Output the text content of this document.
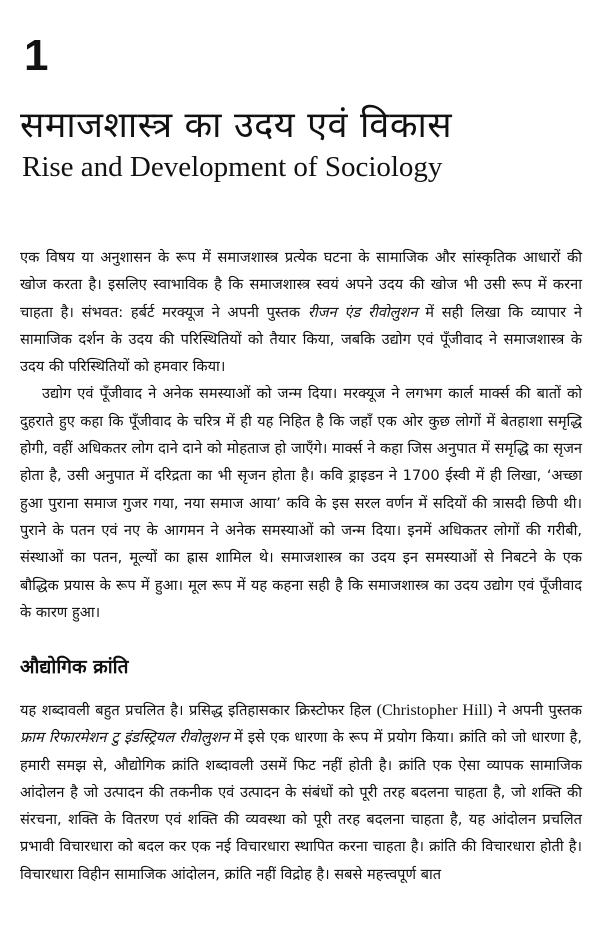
1
समाजशास्त्र का उदय एवं विकास
Rise and Development of Sociology

एक विषय या अनुशासन के रूप में समाजशास्त्र प्रत्येक घटना के सामाजिक और सांस्कृतिक आधारों की खोज करता है। इसलिए स्वाभाविक है कि समाजशास्त्र स्वयं अपने उदय की खोज भी उसी रूप में करना चाहता है। संभवत: हर्बर्ट मरक्यूज ने अपनी पुस्तक रीजन एंड रीवोलुशन में सही लिखा कि व्यापार ने सामाजिक दर्शन के उदय की परिस्थितियों को तैयार किया, जबकि उद्योग एवं पूँजीवाद ने समाजशास्त्र के उदय की परिस्थितियों को हमवार किया।

उद्योग एवं पूँजीवाद ने अनेक समस्याओं को जन्म दिया। मरक्यूज ने लगभग कार्ल मार्क्स की बातों को दुहराते हुए कहा कि पूँजीवाद के चरित्र में ही यह निहित है कि जहाँ एक ओर कुछ लोगों में बेतहाशा समृद्धि होगी, वहीं अधिकतर लोग दाने दाने को मोहताज हो जाएँगे। मार्क्स ने कहा जिस अनुपात में समृद्धि का सृजन होता है, उसी अनुपात में दरिद्रता का भी सृजन होता है। कवि ड्राइडन ने 1700 ईस्वी में ही लिखा, ‘अच्छा हुआ पुराना समाज गुजर गया, नया समाज आया’ कवि के इस सरल वर्णन में सदियों की त्रासदी छिपी थी। पुराने के पतन एवं नए के आगमन ने अनेक समस्याओं को जन्म दिया। इनमें अधिकतर लोगों की गरीबी, संस्थाओं का पतन, मूल्यों का ह्रास शामिल थे। समाजशास्त्र का उदय इन समस्याओं से निबटने के एक बौद्धिक प्रयास के रूप में हुआ। मूल रूप में यह कहना सही है कि समाजशास्त्र का उदय उद्योग एवं पूँजीवाद के कारण हुआ।

औद्योगिक क्रांति

यह शब्दावली बहुत प्रचलित है। प्रसिद्ध इतिहासकार क्रिस्टोफर हिल (Christopher Hill) ने अपनी पुस्तक फ्राम रिफारमेशन टु इंडस्ट्रियल रीवोलुशन में इसे एक धारणा के रूप में प्रयोग किया। क्रांति को जो धारणा है, हमारी समझ से, औद्योगिक क्रांति शब्दावली उसमें फिट नहीं होती है। क्रांति एक ऐसा व्यापक सामाजिक आंदोलन है जो उत्पादन की तकनीक एवं उत्पादन के संबंधों को पूरी तरह बदलना चाहता है, जो शक्ति की संरचना, शक्ति के वितरण एवं शक्ति की व्यवस्था को पूरी तरह बदलना चाहता है, यह आंदोलन प्रचलित प्रभावी विचारधारा को बदल कर एक नई विचारधारा स्थापित करना चाहता है। क्रांति की विचारधारा होती है। विचारधारा विहीन सामाजिक आंदोलन, क्रांति नहीं विद्रोह है। सबसे महत्त्वपूर्ण बात
